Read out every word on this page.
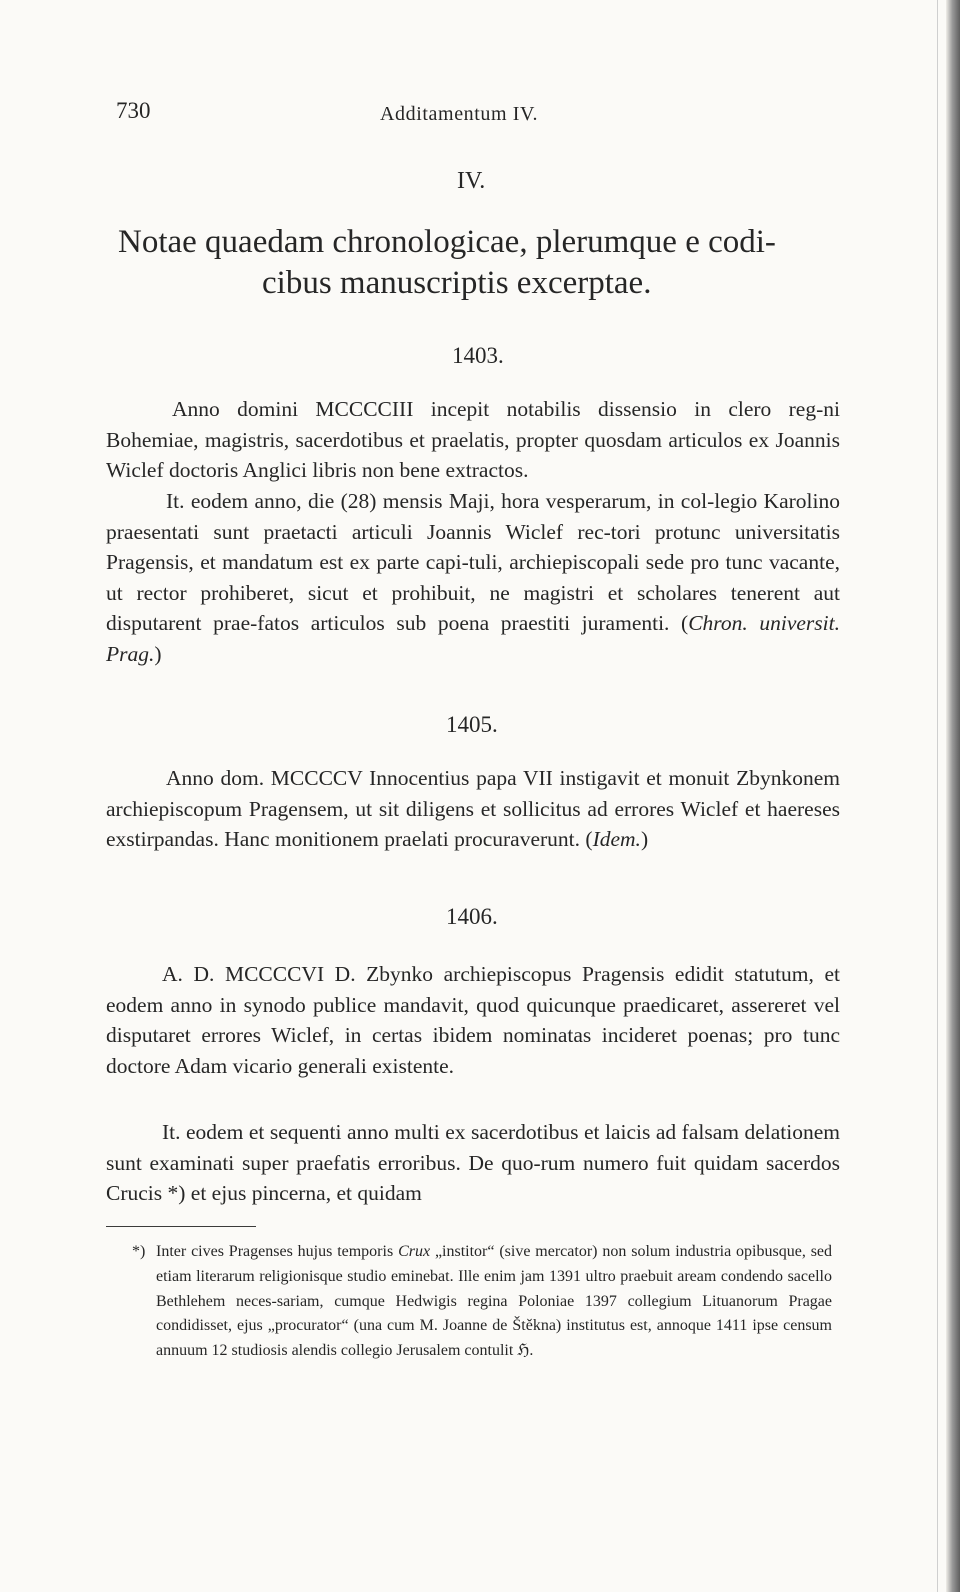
730	Additamentum IV.
IV.
Notae quaedam chronologicae, plerumque e codi-
cibus manuscriptis excerptae.
1403.

Anno domini MCCCCIII incepit notabilis dissensio in clero reg-ni Bohemiae, magistris, sacerdotibus et praelatis, propter quosdam articulos ex Joannis Wiclef doctoris Anglici libris non bene extractos.

It. eodem anno, die (28) mensis Maji, hora vesperarum, in col-legio Karolino praesentati sunt praetacti articuli Joannis Wiclef rec-tori protunc universitatis Pragensis, et mandatum est ex parte capi-tuli, archiepiscopali sede pro tunc vacante, ut rector prohiberet, sicut et prohibuit, ne magistri et scholares tenerent aut disputarent prae-fatos articulos sub poena praestiti juramenti. (Chron. universit. Prag.)

1405.

Anno dom. MCCCCV Innocentius papa VII instigavit et monuit Zbynkonem archiepiscopum Pragensem, ut sit diligens et sollicitus ad errores Wiclef et haereses exstirpandas. Hanc monitionem praelati procuraverunt. (Idem.)

1406.

A. D. MCCCCVI D. Zbynko archiepiscopus Pragensis edidit statutum, et eodem anno in synodo publice mandavit, quod quicunque praedicaret, assereret vel disputaret errores Wiclef, in certas ibidem nominatas incideret poenas; pro tunc doctore Adam vicario generali existente.

It. eodem et sequenti anno multi ex sacerdotibus et laicis ad falsam delationem sunt examinati super praefatis erroribus. De quo-rum numero fuit quidam sacerdos Crucis *) et ejus pincerna, et quidam

*) Inter cives Pragenses hujus temporis Crux „institor“ (sive mercator) non solum industria opibusque, sed etiam literarum religionisque studio eminebat. Ille enim jam 1391 ultro praebuit aream condendo sacello Bethlehem neces-sariam, cumque Hedwigis regina Poloniae 1397 collegium Lituanorum Pragae condidisset, ejus „procurator“ (una cum M. Joanne de Štěkna) institutus est, annoque 1411 ipse censum annuum 12 studiosis alendis collegio Jerusalem contulit ℌ.
